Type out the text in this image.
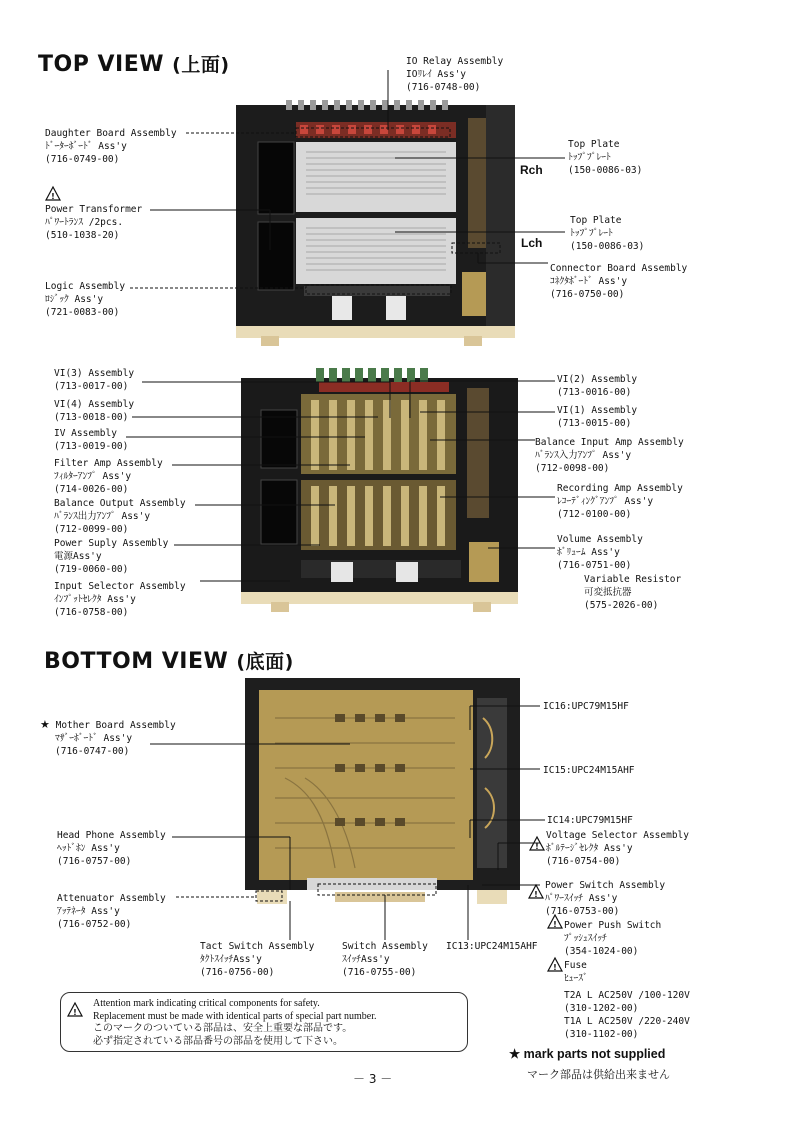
TOP VIEW (上面)
BOTTOM VIEW (底面)
!
!
!
!
!
!
Rch
Lch
IO Relay Assembly
IOﾘﾚｲ Ass'y
(716-0748-00)
Daughter Board Assembly
ﾄﾞｰﾀｰﾎﾞｰﾄﾞ Ass'y
(716-0749-00)
Top Plate
ﾄｯﾌﾟﾌﾟﾚｰﾄ
(150-0086-03)
Power Transformer
ﾊﾟﾜｰﾄﾗﾝｽ /2pcs.
(510-1038-20)
Top Plate
ﾄｯﾌﾟﾌﾟﾚｰﾄ
(150-0086-03)
Connector Board Assembly
ｺﾈｸﾀﾎﾞｰﾄﾞ Ass'y
(716-0750-00)
Logic Assembly
ﾛｼﾞｯｸ Ass'y
(721-0083-00)
VI(3) Assembly
(713-0017-00)
VI(2) Assembly
(713-0016-00)
VI(4) Assembly
(713-0018-00)
VI(1) Assembly
(713-0015-00)
IV Assembly
(713-0019-00)	Balance Input Amp Assembly
ﾊﾞﾗﾝｽ入力ｱﾝﾌﾟ Ass'y
(712-0098-00)
Filter Amp Assembly
ﾌｨﾙﾀｰｱﾝﾌﾟ Ass'y
(714-0026-00)	Recording Amp Assembly
ﾚｺｰﾃﾞｨﾝｸﾞｱﾝﾌﾟ Ass'y
(712-0100-00)
Balance Output Assembly
ﾊﾞﾗﾝｽ出力ｱﾝﾌﾟ Ass'y
(712-0099-00)
Volume Assembly
ﾎﾞﾘｭｰﾑ Ass'y
(716-0751-00)
Power Suply Assembly
電源Ass'y
(719-0060-00)
Variable Resistor
可変抵抗器
(575-2026-00)
Input Selector Assembly
ｲﾝﾌﾟｯﾄｾﾚｸﾀ Ass'y
(716-0758-00)
★ Mother Board Assembly
ﾏｻﾞｰﾎﾞｰﾄﾞ Ass'y
(716-0747-00)
IC16:UPC79M15HF
IC15:UPC24M15AHF
IC14:UPC79M15HF
Head Phone Assembly
ﾍｯﾄﾞﾎﾝ Ass'y
(716-0757-00)
Voltage Selector Assembly
ﾎﾞﾙﾃｰｼﾞｾﾚｸﾀ Ass'y
(716-0754-00)
Power Switch Assembly
ﾊﾟﾜｰｽｲｯﾁ Ass'y
(716-0753-00)
Attenuator Assembly
ｱｯﾃﾈｰﾀ Ass'y
(716-0752-00)	Power Push Switch
ﾌﾟｯｼｭｽｲｯﾁ
(354-1024-00)
Fuse
ﾋｭｰｽﾞ
T2A L AC250V /100-120V
(310-1202-00)
T1A L AC250V /220-240V
(310-1102-00)
Tact Switch Assembly
ﾀｸﾄｽｲｯﾁAss'y
(716-0756-00)
Switch Assembly
ｽｲｯﾁAss'y
(716-0755-00)
IC13:UPC24M15AHF
Attention mark indicating critical components for safety.
Replacement must be made with identical parts of special part number.
このマークのついている部品は、安全上重要な部品です。
必ず指定されている部品番号の部品を使用して下さい。
★ mark parts not supplied
マーク部品は供給出来ません
－ 3 －
